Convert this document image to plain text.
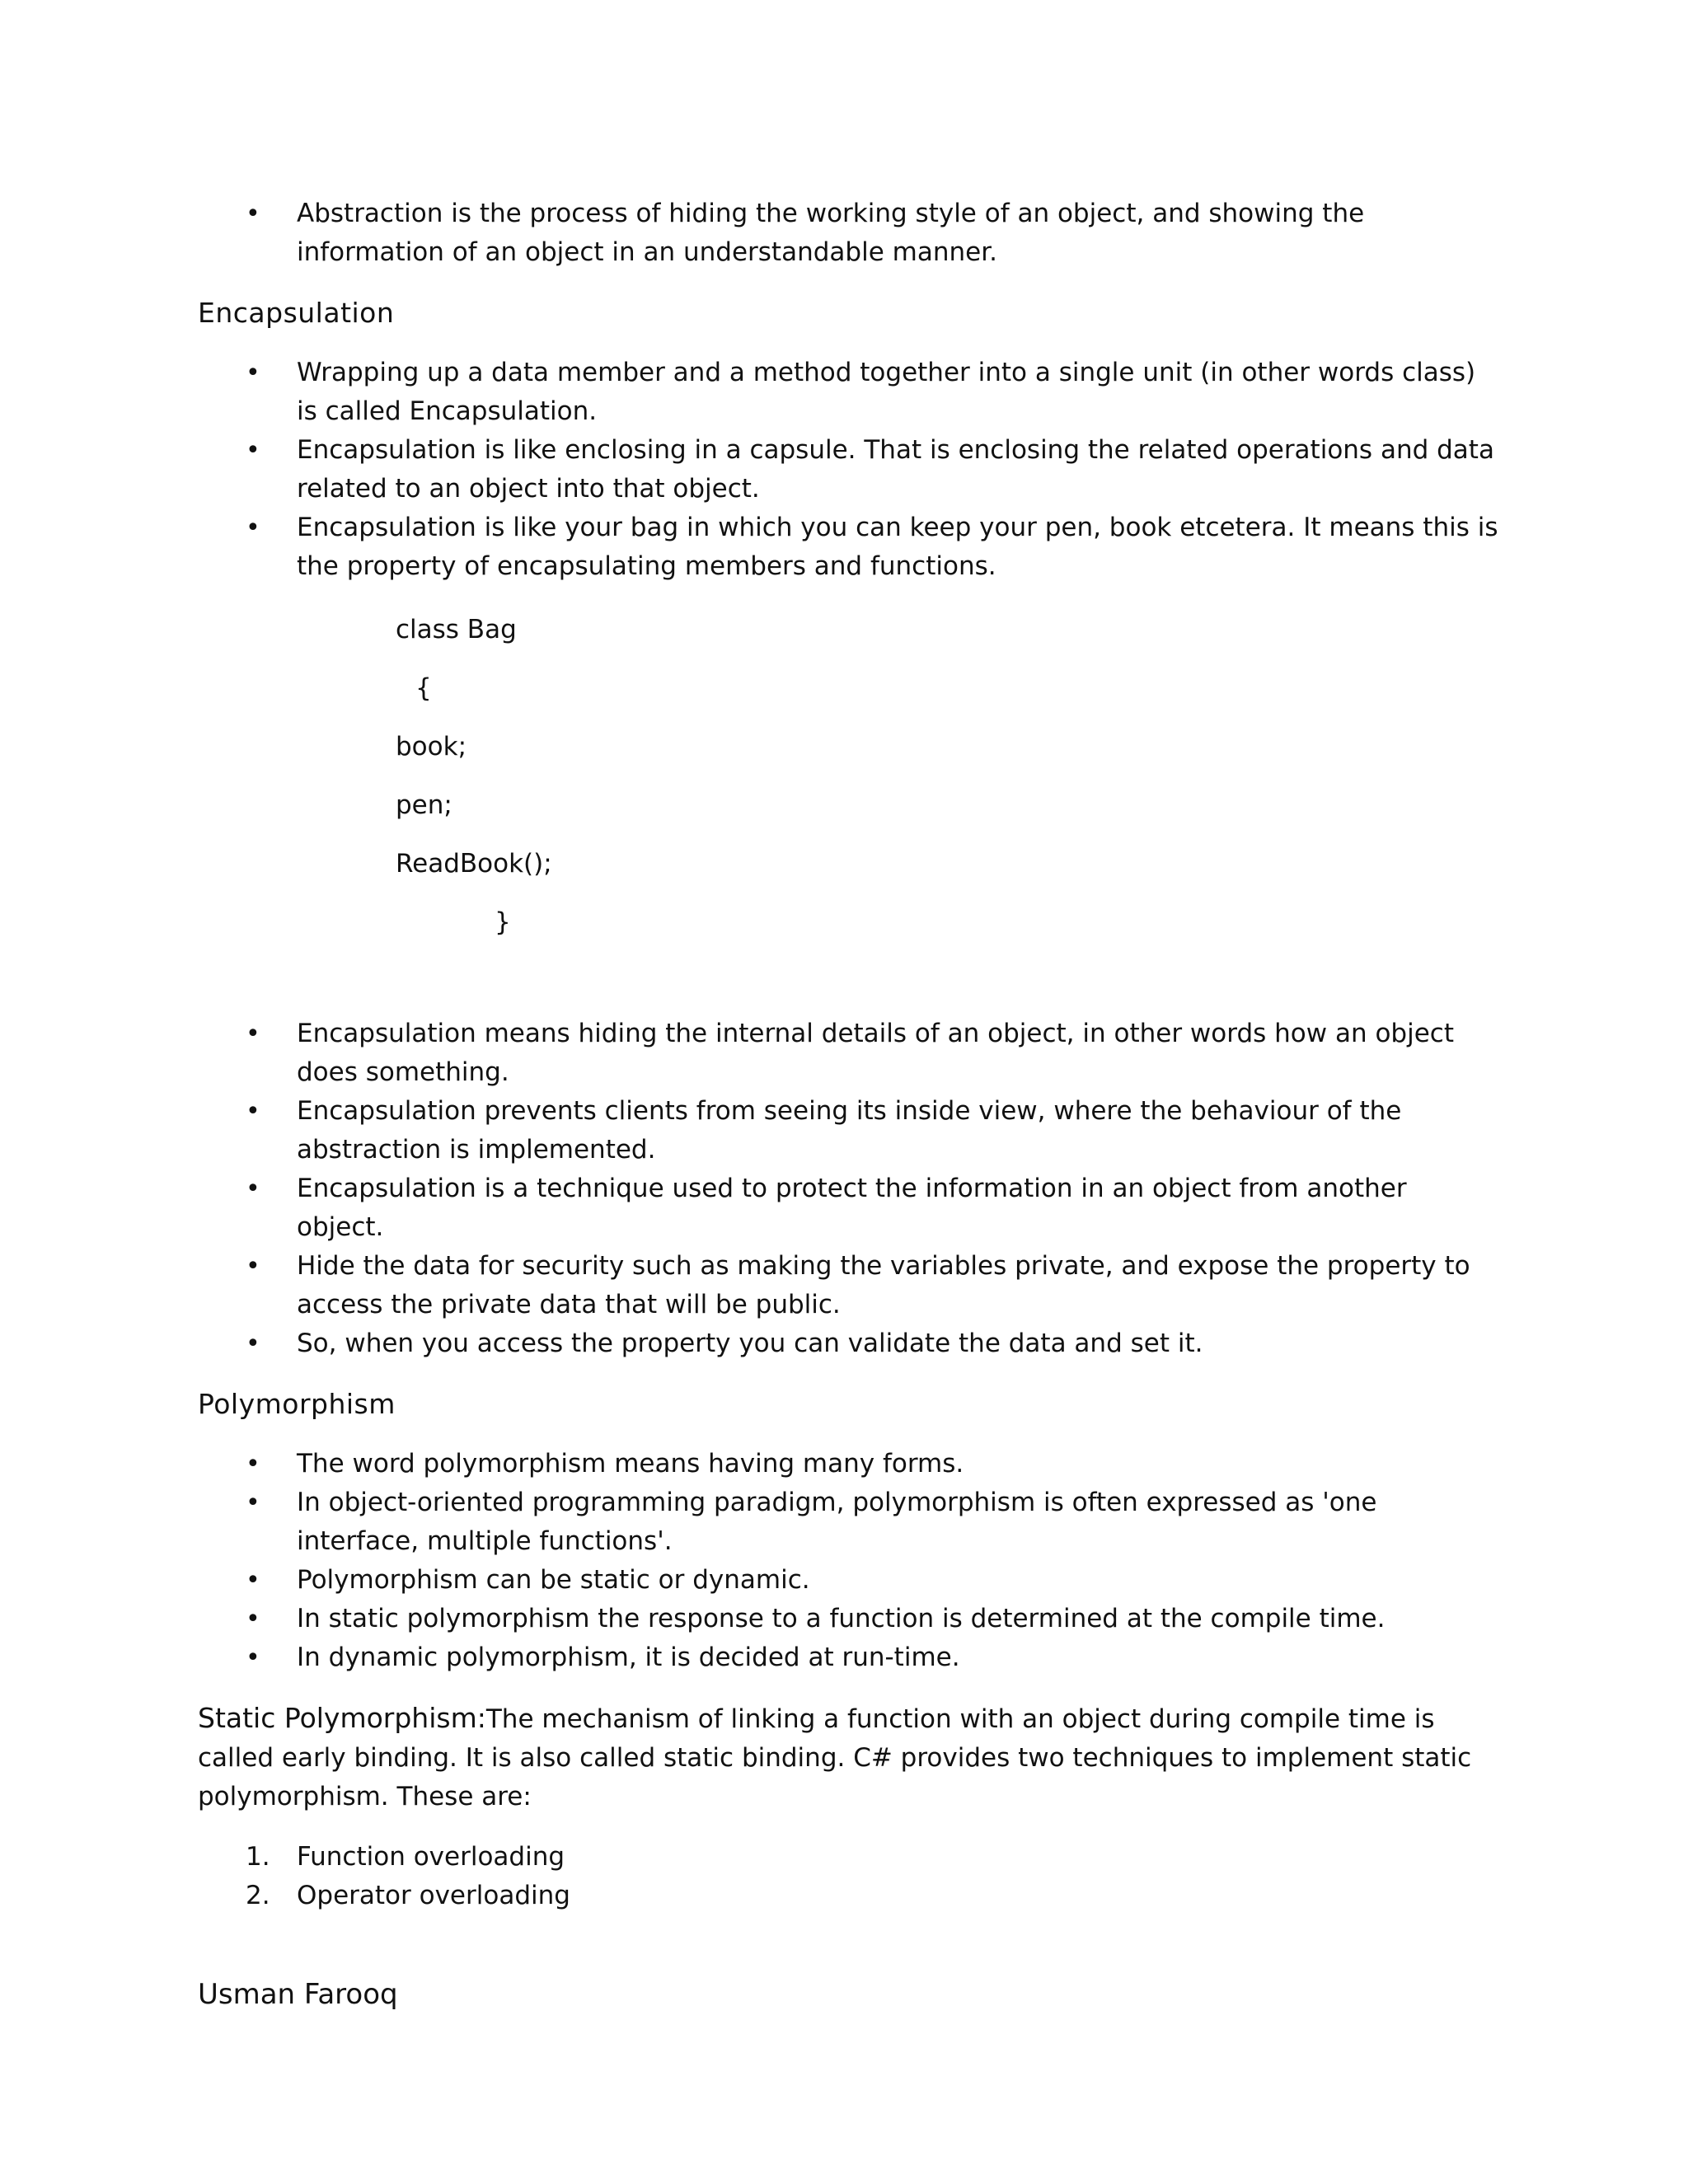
• Abstraction is the process of hiding the working style of an object, and showing the information of an object in an understandable manner.
Encapsulation
• Wrapping up a data member and a method together into a single unit (in other words class) is called Encapsulation.
• Encapsulation is like enclosing in a capsule. That is enclosing the related operations and data related to an object into that object.
• Encapsulation is like your bag in which you can keep your pen, book etcetera. It means this is the property of encapsulating members and functions.
class Bag
{
book;
pen;
ReadBook();
}
• Encapsulation means hiding the internal details of an object, in other words how an object does something.
• Encapsulation prevents clients from seeing its inside view, where the behaviour of the abstraction is implemented.
• Encapsulation is a technique used to protect the information in an object from another object.
• Hide the data for security such as making the variables private, and expose the property to access the private data that will be public.
• So, when you access the property you can validate the data and set it.
Polymorphism
• The word polymorphism means having many forms.
• In object-oriented programming paradigm, polymorphism is often expressed as 'one interface, multiple functions'.
• Polymorphism can be static or dynamic.
• In static polymorphism the response to a function is determined at the compile time.
• In dynamic polymorphism, it is decided at run-time.

Static Polymorphism:The mechanism of linking a function with an object during compile time is called early binding. It is also called static binding. C# provides two techniques to implement static polymorphism. These are:

1. Function overloading
2. Operator overloading
Usman Farooq
